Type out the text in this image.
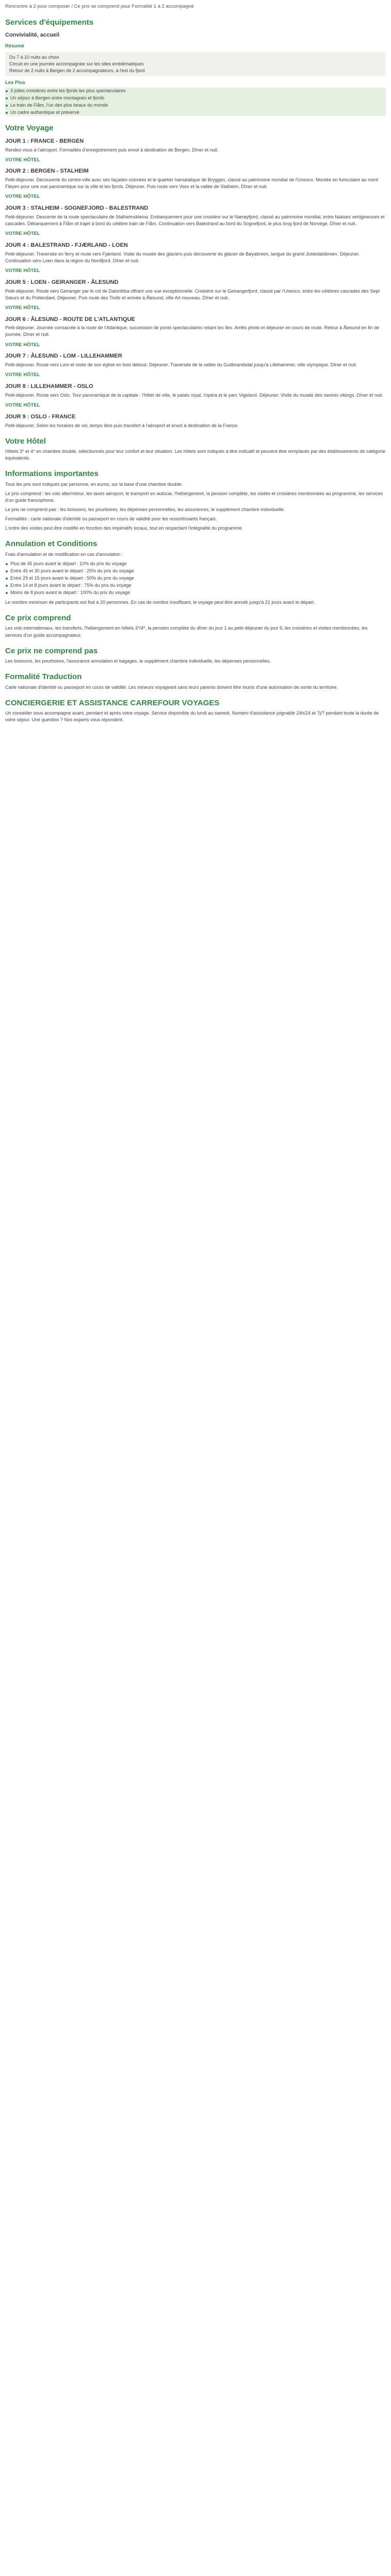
Rencontre à 2 pour composer / Ce prix se comprend pour Formalité 1 à 2 accompagné
Services d'équipements
Convivialité, accueil
Résumé
Du 7 à 10 nuits au choix
Circuit en une journée accompagnée sur les sites emblématiques
Retour de 2 nuits à Bergen de 2 accompagnateurs, à l'est du fjord
Les Plus
3 jolies croisières entre les fjords les plus spectaculaires
Un séjour à Bergen entre montagnes et fjords
Le train de Flåm, l'un des plus beaux du monde
Un cadre authentique et préservé
Votre Voyage
JOUR 1 : FRANCE - BERGEN

Rendez-vous à l'aéroport. Formalités d'enregistrement puis envol à destination de Bergen. Dîner et nuit.

VOTRE HÔTEL
JOUR 2 : BERGEN - STALHEIM

Petit-déjeuner. Découverte du centre-ville avec ses façades colorées et le quartier hanséatique de Bryggen, classé au patrimoine mondial de l'Unesco. Montée en funiculaire au mont Fløyen pour une vue panoramique sur la ville et les fjords. Déjeuner. Puis route vers Voss et la vallée de Stalheim. Dîner et nuit.

VOTRE HÔTEL
JOUR 3 : STALHEIM - SOGNEFJORD - BALESTRAND

Petit-déjeuner. Descente de la route spectaculaire de Stalheimskleiva. Embarquement pour une croisière sur le Nærøyfjord, classé au patrimoine mondial, entre falaises vertigineuses et cascades. Débarquement à Flåm et trajet à bord du célèbre train de Flåm. Continuation vers Balestrand au bord du Sognefjord, le plus long fjord de Norvège. Dîner et nuit.

VOTRE HÔTEL
JOUR 4 : BALESTRAND - FJÆRLAND - LOEN

Petit-déjeuner. Traversée en ferry et route vers Fjærland. Visite du musée des glaciers puis découverte du glacier de Bøyabreen, langue du grand Jostedalsbreen. Déjeuner. Continuation vers Loen dans la région du Nordfjord. Dîner et nuit.

VOTRE HÔTEL
JOUR 5 : LOEN - GEIRANGER - ÅLESUND

Petit-déjeuner. Route vers Geiranger par le col de Dalsnibba offrant une vue exceptionnelle. Croisière sur le Geirangerfjord, classé par l'Unesco, entre les célèbres cascades des Sept Sœurs et du Prétendant. Déjeuner. Puis route des Trolls et arrivée à Ålesund, ville Art nouveau. Dîner et nuit.

VOTRE HÔTEL
JOUR 6 : ÅLESUND - ROUTE DE L'ATLANTIQUE

Petit-déjeuner. Journée consacrée à la route de l'Atlantique, succession de ponts spectaculaires reliant les îles. Arrêts photo et déjeuner en cours de route. Retour à Ålesund en fin de journée. Dîner et nuit.

VOTRE HÔTEL
JOUR 7 : ÅLESUND - LOM - LILLEHAMMER

Petit-déjeuner. Route vers Lom et visite de son église en bois debout. Déjeuner. Traversée de la vallée du Gudbrandsdal jusqu'à Lillehammer, ville olympique. Dîner et nuit.

VOTRE HÔTEL
JOUR 8 : LILLEHAMMER - OSLO

Petit-déjeuner. Route vers Oslo. Tour panoramique de la capitale : l'hôtel de ville, le palais royal, l'opéra et le parc Vigeland. Déjeuner. Visite du musée des navires vikings. Dîner et nuit.

VOTRE HÔTEL
JOUR 9 : OSLO - FRANCE

Petit-déjeuner. Selon les horaires de vol, temps libre puis transfert à l'aéroport et envol à destination de la France.

Votre Hôtel

Hôtels 3* et 4* en chambre double, sélectionnés pour leur confort et leur situation. Les hôtels sont indiqués à titre indicatif et peuvent être remplacés par des établissements de catégorie équivalente.

Informations importantes

Tous les prix sont indiqués par personne, en euros, sur la base d'une chambre double.

Le prix comprend : les vols aller/retour, les taxes aéroport, le transport en autocar, l'hébergement, la pension complète, les visites et croisières mentionnées au programme, les services d'un guide francophone.

Le prix ne comprend pas : les boissons, les pourboires, les dépenses personnelles, les assurances, le supplément chambre individuelle.

Formalités : carte nationale d'identité ou passeport en cours de validité pour les ressortissants français.

L'ordre des visites peut être modifié en fonction des impératifs locaux, tout en respectant l'intégralité du programme.

Annulation et Conditions

Frais d'annulation et de modification en cas d'annulation :

Plus de 45 jours avant le départ : 10% du prix du voyage
Entre 45 et 30 jours avant le départ : 25% du prix du voyage
Entre 29 et 15 jours avant le départ : 50% du prix du voyage
Entre 14 et 8 jours avant le départ : 75% du prix du voyage
Moins de 8 jours avant le départ : 100% du prix du voyage

Le nombre minimum de participants est fixé à 20 personnes. En cas de nombre insuffisant, le voyage peut être annulé jusqu'à 21 jours avant le départ.

Ce prix comprend

Les vols internationaux, les transferts, l'hébergement en hôtels 3*/4*, la pension complète du dîner du jour 1 au petit-déjeuner du jour 9, les croisières et visites mentionnées, les services d'un guide accompagnateur.

Ce prix ne comprend pas

Les boissons, les pourboires, l'assurance annulation et bagages, le supplément chambre individuelle, les dépenses personnelles.

Formalité Traduction

Carte nationale d'identité ou passeport en cours de validité. Les mineurs voyageant sans leurs parents doivent être munis d'une autorisation de sortie du territoire.

CONCIERGERIE ET ASSISTANCE CARREFOUR VOYAGES

Un conseiller vous accompagne avant, pendant et après votre voyage. Service disponible du lundi au samedi. Numéro d'assistance joignable 24h/24 et 7j/7 pendant toute la durée de votre séjour. Une question ? Nos experts vous répondent.
